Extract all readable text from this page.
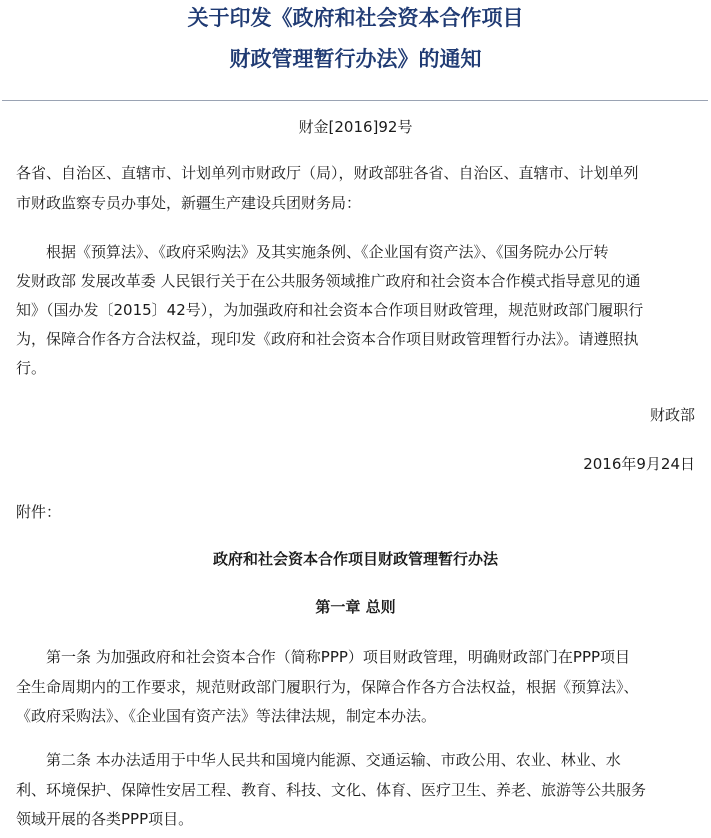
关于印发《政府和社会资本合作项目
财政管理暂行办法》的通知
财金[2016]92号
各省、自治区、直辖市、计划单列市财政厅（局），财政部驻各省、自治区、直辖市、计划单列
市财政监察专员办事处，新疆生产建设兵团财务局：
根据《预算法》、《政府采购法》及其实施条例、《企业国有资产法》、《国务院办公厅转
发财政部 发展改革委 人民银行关于在公共服务领域推广政府和社会资本合作模式指导意见的通
知》（国办发〔2015〕42号），为加强政府和社会资本合作项目财政管理，规范财政部门履职行
为，保障合作各方合法权益，现印发《政府和社会资本合作项目财政管理暂行办法》。请遵照执
行。
财政部
2016年9月24日
附件：
政府和社会资本合作项目财政管理暂行办法
第一章 总则
第一条 为加强政府和社会资本合作（简称PPP）项目财政管理，明确财政部门在PPP项目
全生命周期内的工作要求，规范财政部门履职行为，保障合作各方合法权益，根据《预算法》、
《政府采购法》、《企业国有资产法》等法律法规，制定本办法。
第二条 本办法适用于中华人民共和国境内能源、交通运输、市政公用、农业、林业、水
利、环境保护、保障性安居工程、教育、科技、文化、体育、医疗卫生、养老、旅游等公共服务
领域开展的各类PPP项目。
